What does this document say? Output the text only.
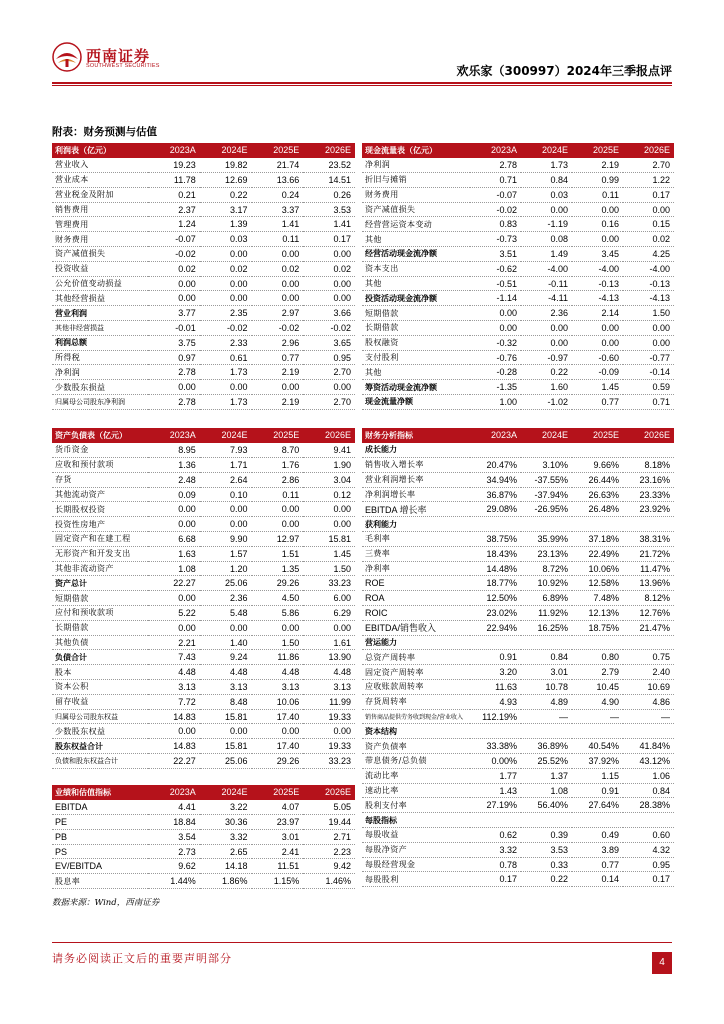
西南证券
SOUTHWEST SECURITIES	欢乐家（300997）2024年三季报点评
附表：财务预测与估值
利润表（亿元）	2023A	2024E	2025E	2026E
营业收入	19.23	19.82	21.74	23.52
营业成本	11.78	12.69	13.66	14.51
营业税金及附加	0.21	0.22	0.24	0.26
销售费用	2.37	3.17	3.37	3.53
管理费用	1.24	1.39	1.41	1.41
财务费用	-0.07	0.03	0.11	0.17
资产减值损失	-0.02	0.00	0.00	0.00
投资收益	0.02	0.02	0.02	0.02
公允价值变动损益	0.00	0.00	0.00	0.00
其他经营损益	0.00	0.00	0.00	0.00
营业利润	3.77	2.35	2.97	3.66
其他非经营损益	-0.01	-0.02	-0.02	-0.02
利润总额	3.75	2.33	2.96	3.65
所得税	0.97	0.61	0.77	0.95
净利润	2.78	1.73	2.19	2.70
少数股东损益	0.00	0.00	0.00	0.00
归属母公司股东净利润	2.78	1.73	2.19	2.70
现金流量表（亿元）	2023A	2024E	2025E	2026E
净利润	2.78	1.73	2.19	2.70
折旧与摊销	0.71	0.84	0.99	1.22
财务费用	-0.07	0.03	0.11	0.17
资产减值损失	-0.02	0.00	0.00	0.00
经营营运资本变动	0.83	-1.19	0.16	0.15
其他	-0.73	0.08	0.00	0.02
经营活动现金流净额	3.51	1.49	3.45	4.25
资本支出	-0.62	-4.00	-4.00	-4.00
其他	-0.51	-0.11	-0.13	-0.13
投资活动现金流净额	-1.14	-4.11	-4.13	-4.13
短期借款	0.00	2.36	2.14	1.50
长期借款	0.00	0.00	0.00	0.00
股权融资	-0.32	0.00	0.00	0.00
支付股利	-0.76	-0.97	-0.60	-0.77
其他	-0.28	0.22	-0.09	-0.14
筹资活动现金流净额	-1.35	1.60	1.45	0.59
现金流量净额	1.00	-1.02	0.77	0.71
资产负债表（亿元）	2023A	2024E	2025E	2026E
货币资金	8.95	7.93	8.70	9.41
应收和预付款项	1.36	1.71	1.76	1.90
存货	2.48	2.64	2.86	3.04
其他流动资产	0.09	0.10	0.11	0.12
长期股权投资	0.00	0.00	0.00	0.00
投资性房地产	0.00	0.00	0.00	0.00
固定资产和在建工程	6.68	9.90	12.97	15.81
无形资产和开发支出	1.63	1.57	1.51	1.45
其他非流动资产	1.08	1.20	1.35	1.50
资产总计	22.27	25.06	29.26	33.23
短期借款	0.00	2.36	4.50	6.00
应付和预收款项	5.22	5.48	5.86	6.29
长期借款	0.00	0.00	0.00	0.00
其他负债	2.21	1.40	1.50	1.61
负债合计	7.43	9.24	11.86	13.90
股本	4.48	4.48	4.48	4.48
资本公积	3.13	3.13	3.13	3.13
留存收益	7.72	8.48	10.06	11.99
归属母公司股东权益	14.83	15.81	17.40	19.33
少数股东权益	0.00	0.00	0.00	0.00
股东权益合计	14.83	15.81	17.40	19.33
负债和股东权益合计	22.27	25.06	29.26	33.23
财务分析指标	2023A	2024E	2025E	2026E
成长能力				
销售收入增长率	20.47%	3.10%	9.66%	8.18%
营业利润增长率	34.94%	-37.55%	26.44%	23.16%
净利润增长率	36.87%	-37.94%	26.63%	23.33%
EBITDA 增长率	29.08%	-26.95%	26.48%	23.92%
获利能力				
毛利率	38.75%	35.99%	37.18%	38.31%
三费率	18.43%	23.13%	22.49%	21.72%
净利率	14.48%	8.72%	10.06%	11.47%
ROE	18.77%	10.92%	12.58%	13.96%
ROA	12.50%	6.89%	7.48%	8.12%
ROIC	23.02%	11.92%	12.13%	12.76%
EBITDA/销售收入	22.94%	16.25%	18.75%	21.47%
营运能力				
总资产周转率	0.91	0.84	0.80	0.75
固定资产周转率	3.20	3.01	2.79	2.40
应收账款周转率	11.63	10.78	10.45	10.69
存货周转率	4.93	4.89	4.90	4.86
销售商品提供劳务收到现金/营业收入	112.19%	—	—	—
资本结构				
资产负债率	33.38%	36.89%	40.54%	41.84%
带息债务/总负债	0.00%	25.52%	37.92%	43.12%
流动比率	1.77	1.37	1.15	1.06
速动比率	1.43	1.08	0.91	0.84
股利支付率	27.19%	56.40%	27.64%	28.38%
每股指标				
每股收益	0.62	0.39	0.49	0.60
每股净资产	3.32	3.53	3.89	4.32
每股经营现金	0.78	0.33	0.77	0.95
每股股利	0.17	0.22	0.14	0.17
业绩和估值指标	2023A	2024E	2025E	2026E
EBITDA	4.41	3.22	4.07	5.05
PE	18.84	30.36	23.97	19.44
PB	3.54	3.32	3.01	2.71
PS	2.73	2.65	2.41	2.23
EV/EBITDA	9.62	14.18	11.51	9.42
股息率	1.44%	1.86%	1.15%	1.46%
数据来源：Wind，西南证券
请务必阅读正文后的重要声明部分	4
